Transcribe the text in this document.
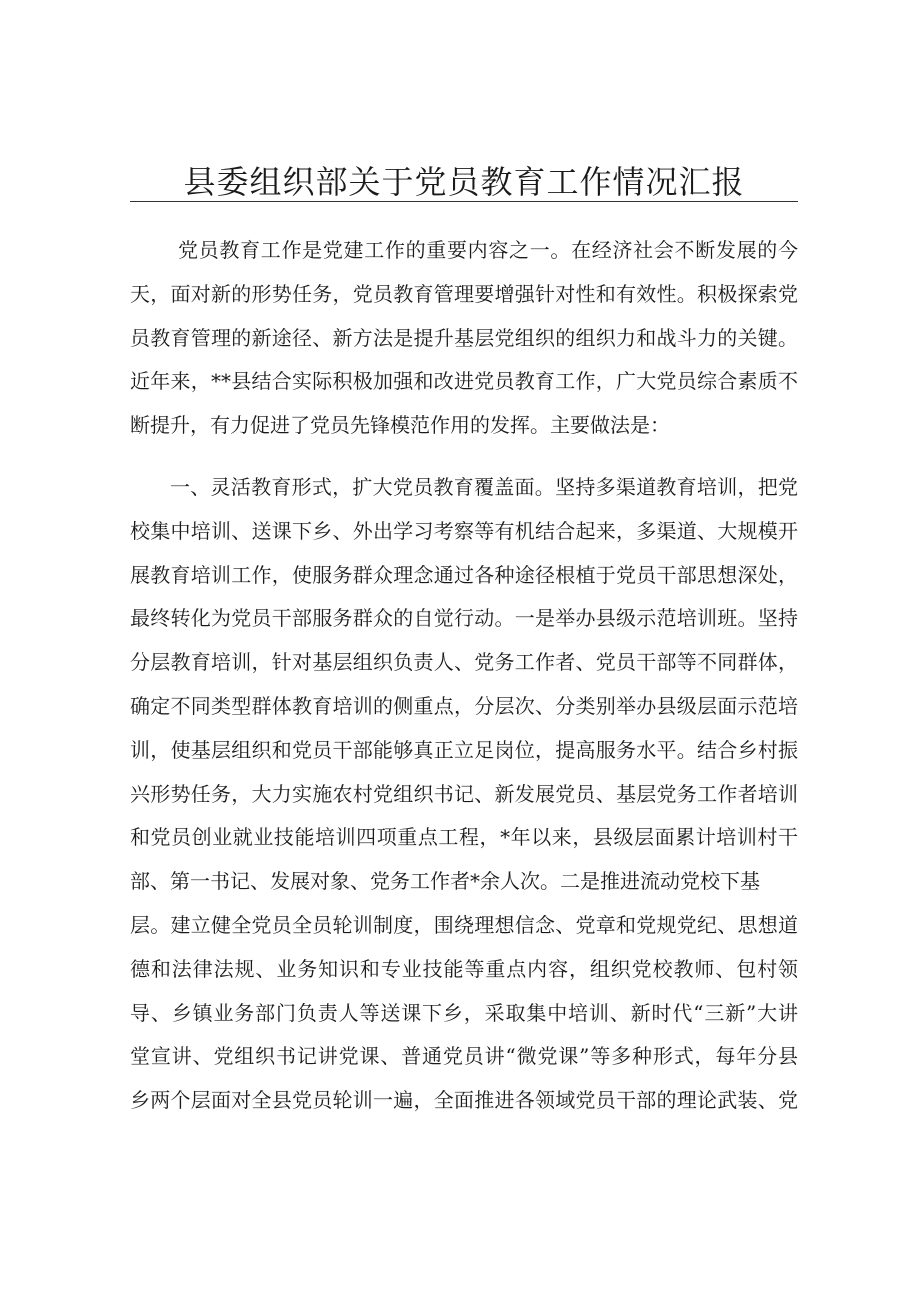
县委组织部关于党员教育工作情况汇报
党员教育工作是党建工作的重要内容之一。在经济社会不断发展的今
天，面对新的形势任务，党员教育管理要增强针对性和有效性。积极探索党
员教育管理的新途径、新方法是提升基层党组织的组织力和战斗力的关键。
近年来，**县结合实际积极加强和改进党员教育工作，广大党员综合素质不
断提升，有力促进了党员先锋模范作用的发挥。主要做法是：
一、灵活教育形式，扩大党员教育覆盖面。坚持多渠道教育培训，把党
校集中培训、送课下乡、外出学习考察等有机结合起来，多渠道、大规模开
展教育培训工作，使服务群众理念通过各种途径根植于党员干部思想深处，
最终转化为党员干部服务群众的自觉行动。一是举办县级示范培训班。坚持
分层教育培训，针对基层组织负责人、党务工作者、党员干部等不同群体，
确定不同类型群体教育培训的侧重点，分层次、分类别举办县级层面示范培
训，使基层组织和党员干部能够真正立足岗位，提高服务水平。结合乡村振
兴形势任务，大力实施农村党组织书记、新发展党员、基层党务工作者培训
和党员创业就业技能培训四项重点工程，*年以来，县级层面累计培训村干
部、第一书记、发展对象、党务工作者*余人次。二是推进流动党校下基
层。建立健全党员全员轮训制度，围绕理想信念、党章和党规党纪、思想道
德和法律法规、业务知识和专业技能等重点内容，组织党校教师、包村领
导、乡镇业务部门负责人等送课下乡，采取集中培训、新时代“三新”大讲
堂宣讲、党组织书记讲党课、普通党员讲“微党课”等多种形式，每年分县
乡两个层面对全县党员轮训一遍，全面推进各领域党员干部的理论武装、党
